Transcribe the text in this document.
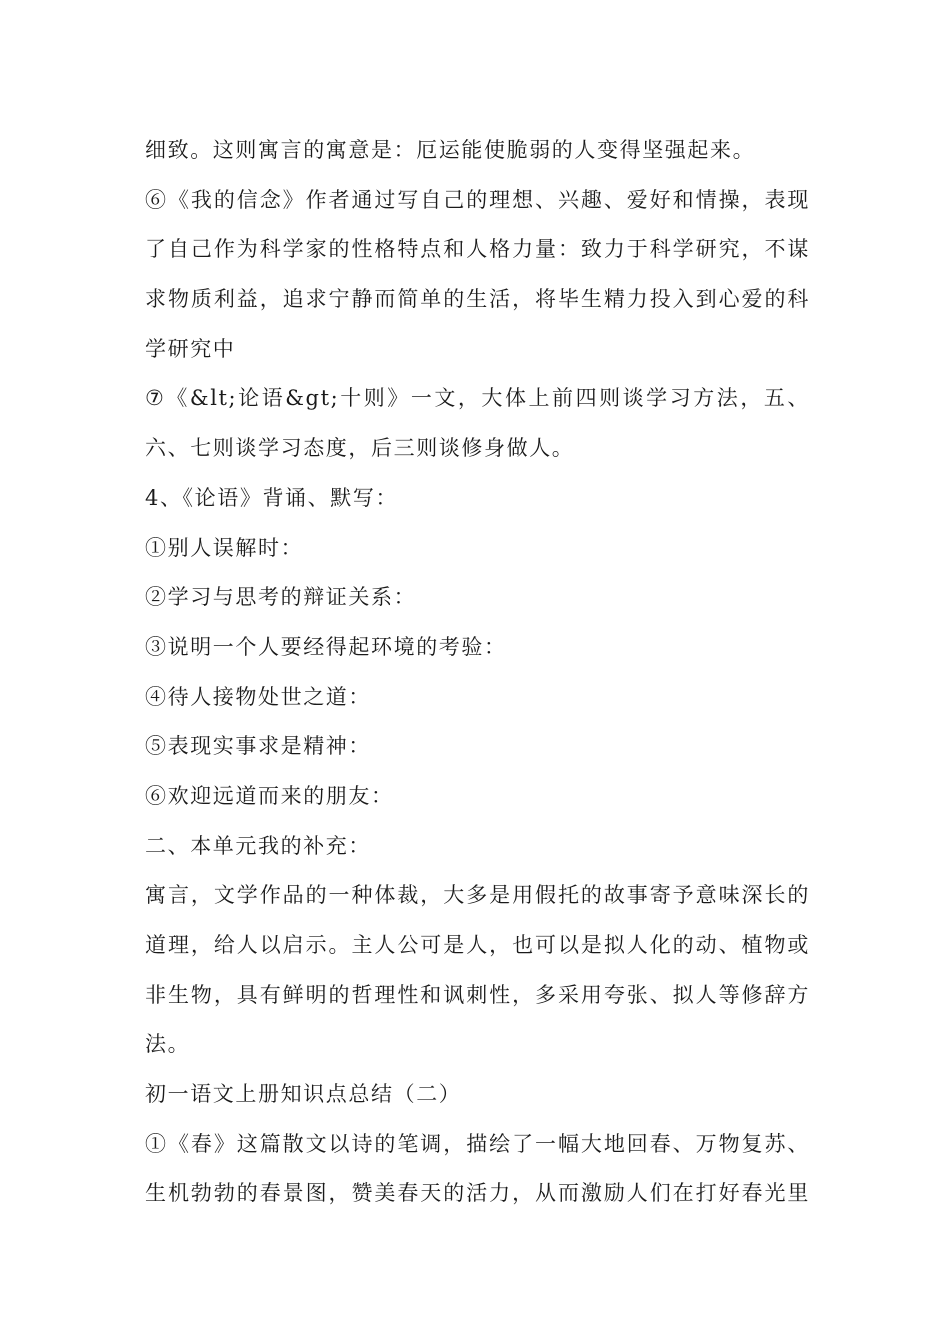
细致。这则寓言的寓意是：厄运能使脆弱的人变得坚强起来。
⑥《我的信念》作者通过写自己的理想、兴趣、爱好和情操，表现
了自己作为科学家的性格特点和人格力量：致力于科学研究，不谋
求物质利益，追求宁静而简单的生活，将毕生精力投入到心爱的科
学研究中
⑦《&lt;论语&gt;十则》一文，大体上前四则谈学习方法，五、
六、七则谈学习态度，后三则谈修身做人。
4、《论语》背诵、默写：
①别人误解时：
②学习与思考的辩证关系：
③说明一个人要经得起环境的考验：
④待人接物处世之道：
⑤表现实事求是精神：
⑥欢迎远道而来的朋友：
二、本单元我的补充：
寓言，文学作品的一种体裁，大多是用假托的故事寄予意味深长的
道理，给人以启示。主人公可是人，也可以是拟人化的动、植物或
非生物，具有鲜明的哲理性和讽刺性，多采用夸张、拟人等修辞方
法。
初一语文上册知识点总结（二）
①《春》这篇散文以诗的笔调，描绘了一幅大地回春、万物复苏、
生机勃勃的春景图，赞美春天的活力，从而激励人们在打好春光里
